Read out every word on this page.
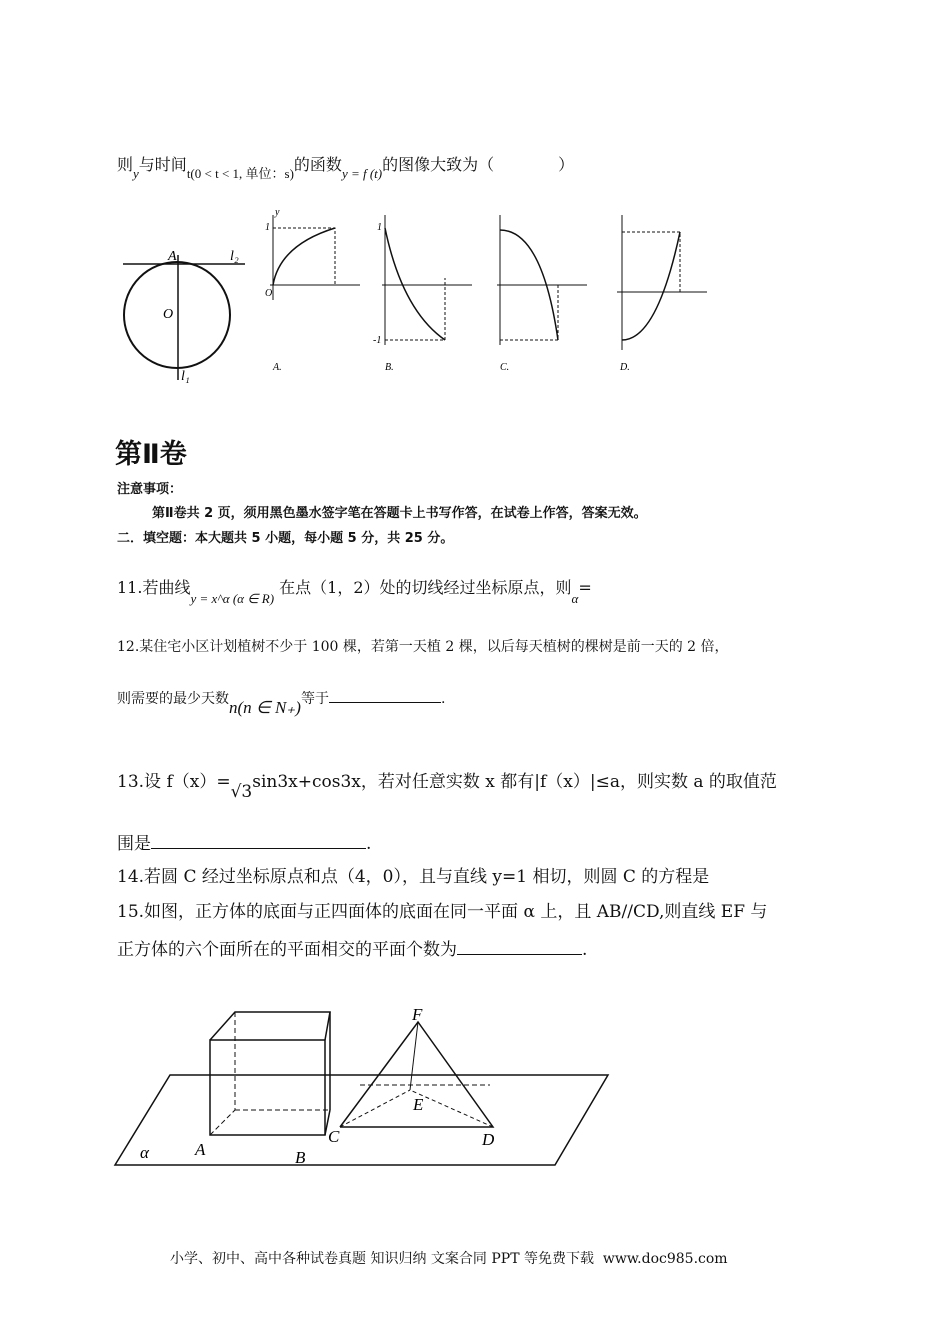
则$_y$与时间$_{t(0 < t < 1, 单位:s)}$的函数$_{y = f (t)}$的图像大致为（　　　　）
A	l₂
O
l₁
1
O
y
A.
1
-1
B.	C.	D.
第Ⅱ卷
注意事项：
第Ⅱ卷共 2 页，须用黑色墨水签字笔在答题卡上书写作答，在试卷上作答，答案无效。
二．填空题：本大题共 5 小题，每小题 5 分，共 25 分。
11.若曲线$_{y = x\^{}\alpha (\alpha \in R)}$ 在点（1，2）处的切线经过坐标原点，则$_\alpha$=
12.某住宅小区计划植树不少于 100 棵，若第一天植 2 棵，以后每天植树的棵树是前一天的 2 倍，
则需要的最少天数n(n ∈ N₊)等于	.
13.设 f（x）=√3sin3x+cos3x，若对任意实数 x 都有|f（x）|≤a，则实数 a 的取值范
围是	.
14.若圆 C 经过坐标原点和点（4，0），且与直线 y=1 相切，则圆 C 的方程是
15.如图，正方体的底面与正四面体的底面在同一平面 α 上，且 AB//CD,则直线 EF 与
正方体的六个面所在的平面相交的平面个数为	.
F
E
A	B
C	D
α
小学、初中、高中各种试卷真题 知识归纳 文案合同 PPT 等免费下载 www.doc985.com
